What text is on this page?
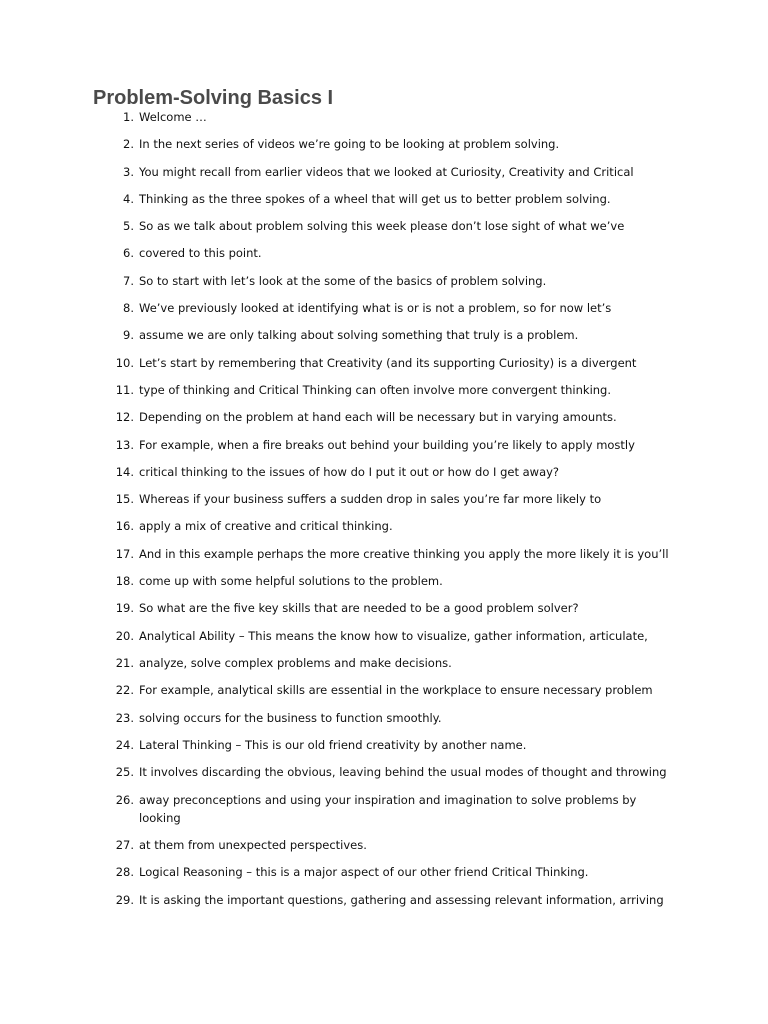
Problem-Solving Basics I
1. Welcome …
2. In the next series of videos we’re going to be looking at problem solving.
3. You might recall from earlier videos that we looked at Curiosity, Creativity and Critical
4. Thinking as the three spokes of a wheel that will get us to better problem solving.
5. So as we talk about problem solving this week please don’t lose sight of what we’ve
6. covered to this point.
7. So to start with let’s look at the some of the basics of problem solving.
8. We’ve previously looked at identifying what is or is not a problem, so for now let’s
9. assume we are only talking about solving something that truly is a problem.
10. Let’s start by remembering that Creativity (and its supporting Curiosity) is a divergent
11. type of thinking and Critical Thinking can often involve more convergent thinking.
12. Depending on the problem at hand each will be necessary but in varying amounts.
13. For example, when a fire breaks out behind your building you’re likely to apply mostly
14. critical thinking to the issues of how do I put it out or how do I get away?
15. Whereas if your business suffers a sudden drop in sales you’re far more likely to
16. apply a mix of creative and critical thinking.
17. And in this example perhaps the more creative thinking you apply the more likely it is you’ll
18. come up with some helpful solutions to the problem.
19. So what are the five key skills that are needed to be a good problem solver?
20. Analytical Ability – This means the know how to visualize, gather information, articulate,
21. analyze, solve complex problems and make decisions.
22. For example, analytical skills are essential in the workplace to ensure necessary problem
23. solving occurs for the business to function smoothly.
24. Lateral Thinking – This is our old friend creativity by another name.
25. It involves discarding the obvious, leaving behind the usual modes of thought and throwing
26. away preconceptions and using your inspiration and imagination to solve problems by looking
27. at them from unexpected perspectives.
28. Logical Reasoning – this is a major aspect of our other friend Critical Thinking.
29. It is asking the important questions, gathering and assessing relevant information, arriving
